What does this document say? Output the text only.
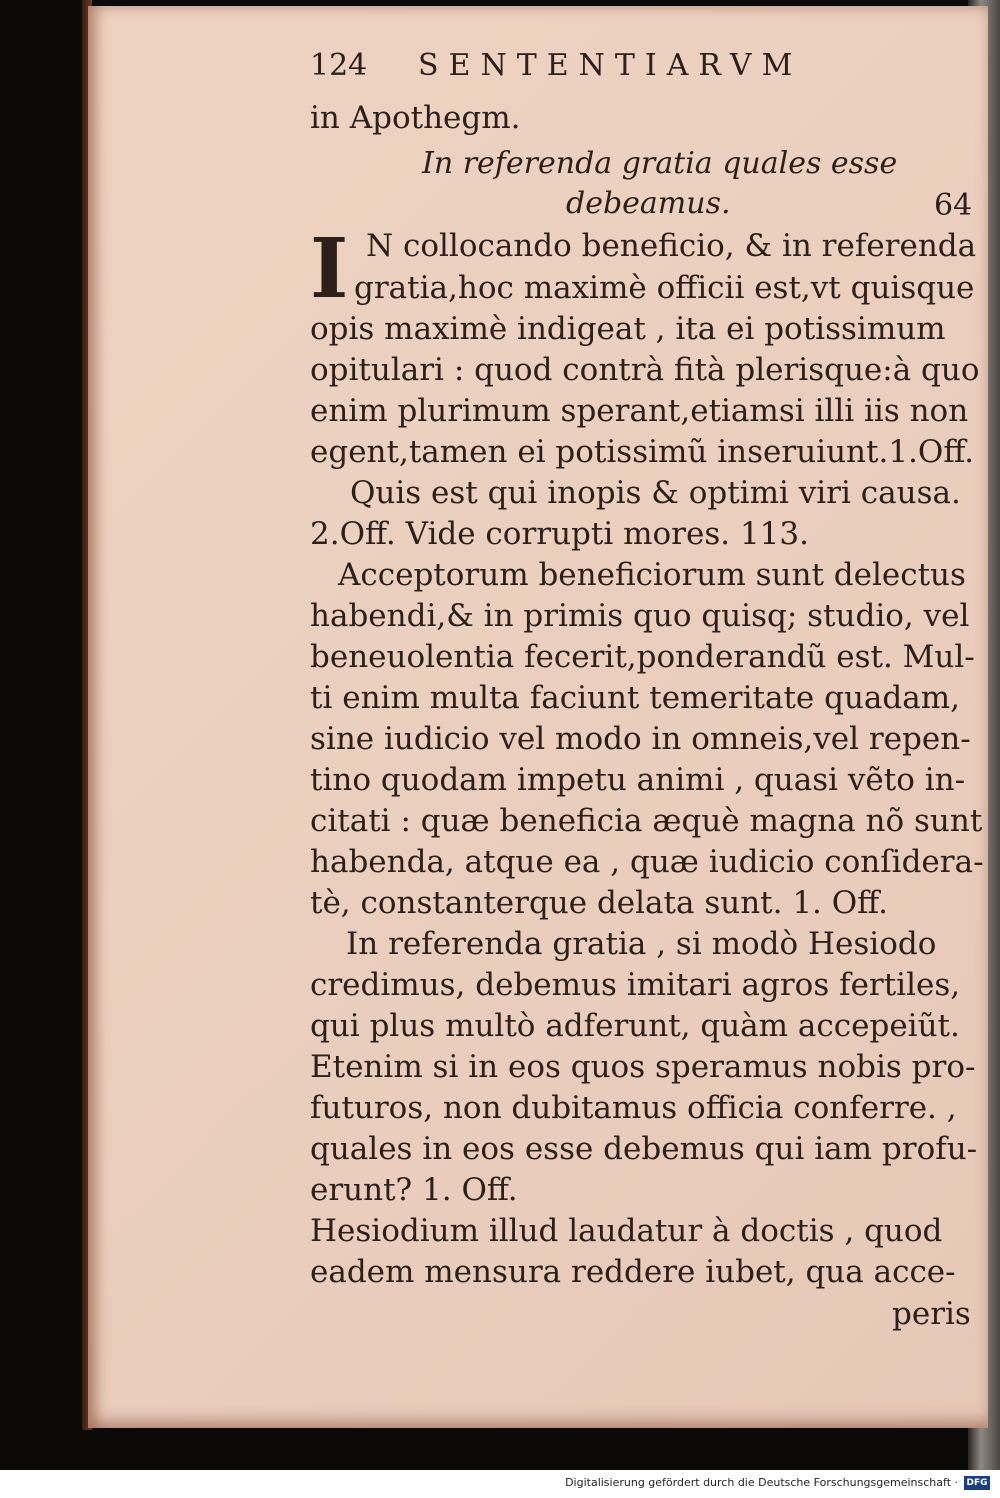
124 SENTENTIARVM
in Apothegm.
In referenda gratia quales esse
debeamus.	64
I N collocando beneficio, & in referenda
gratia,hoc maximè officii est,vt quisque
opis maximè indigeat , ita ei potissimum
opitulari : quod contrà fità plerisque:à quo
enim plurimum sperant,etiamsi illi iis non
egent,tamen ei potissimũ inseruiunt.1.Off.
Quis est qui inopis & optimi viri causa.
2.Off. Vide corrupti mores. 113.
Acceptorum beneficiorum sunt delectus
habendi,& in primis quo quisq; studio, vel
beneuolentia fecerit,ponderandũ est. Mul-
ti enim multa faciunt temeritate quadam,
sine iudicio vel modo in omneis,vel repen-
tino quodam impetu animi , quasi vẽto in-
citati : quæ beneficia æquè magna nõ sunt
habenda, atque ea , quæ iudicio conſidera-
tè, constanterque delata sunt. 1. Off.
In referenda gratia , si modò Hesiodo
credimus, debemus imitari agros fertiles,
qui plus multò adferunt, quàm accepeiũt.
Etenim si in eos quos speramus nobis pro-
futuros, non dubitamus officia conferre. ,
quales in eos esse debemus qui iam profu-
erunt? 1. Off.
Hesiodium illud laudatur à doctis , quod
eadem mensura reddere iubet, qua acce-
peris
Digitalisierung gefördert durch die Deutsche Forschungsgemeinschaft · DFG
